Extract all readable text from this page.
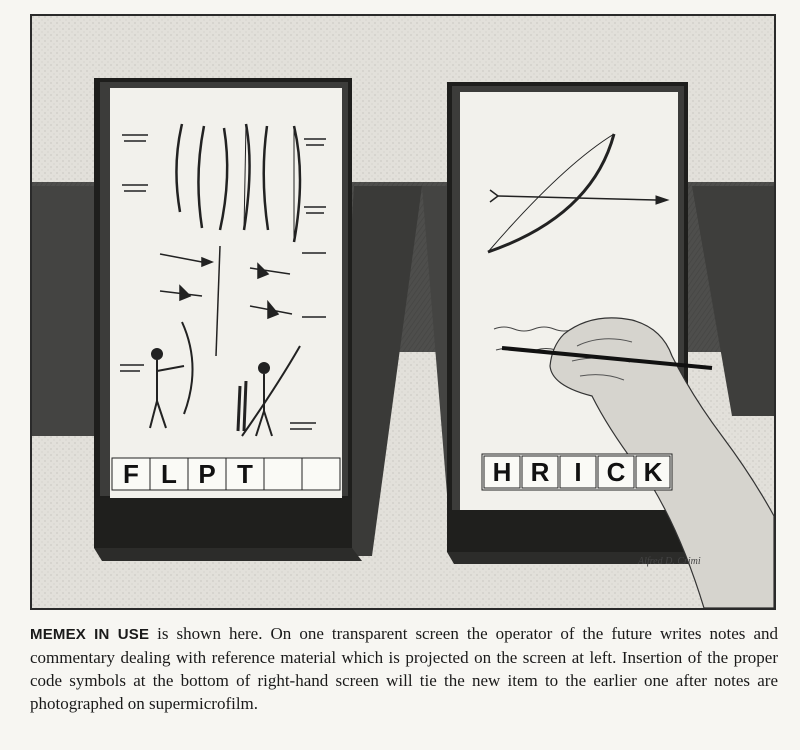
F L P T	H R I C K
Alfred D. Crimi
MEMEX IN USE is shown here. On one transparent screen the operator of the future writes notes and commentary dealing with reference material which is projected on the screen at left. Insertion of the proper code symbols at the bottom of right-hand screen will tie the new item to the earlier one after notes are photographed on supermicrofilm.
